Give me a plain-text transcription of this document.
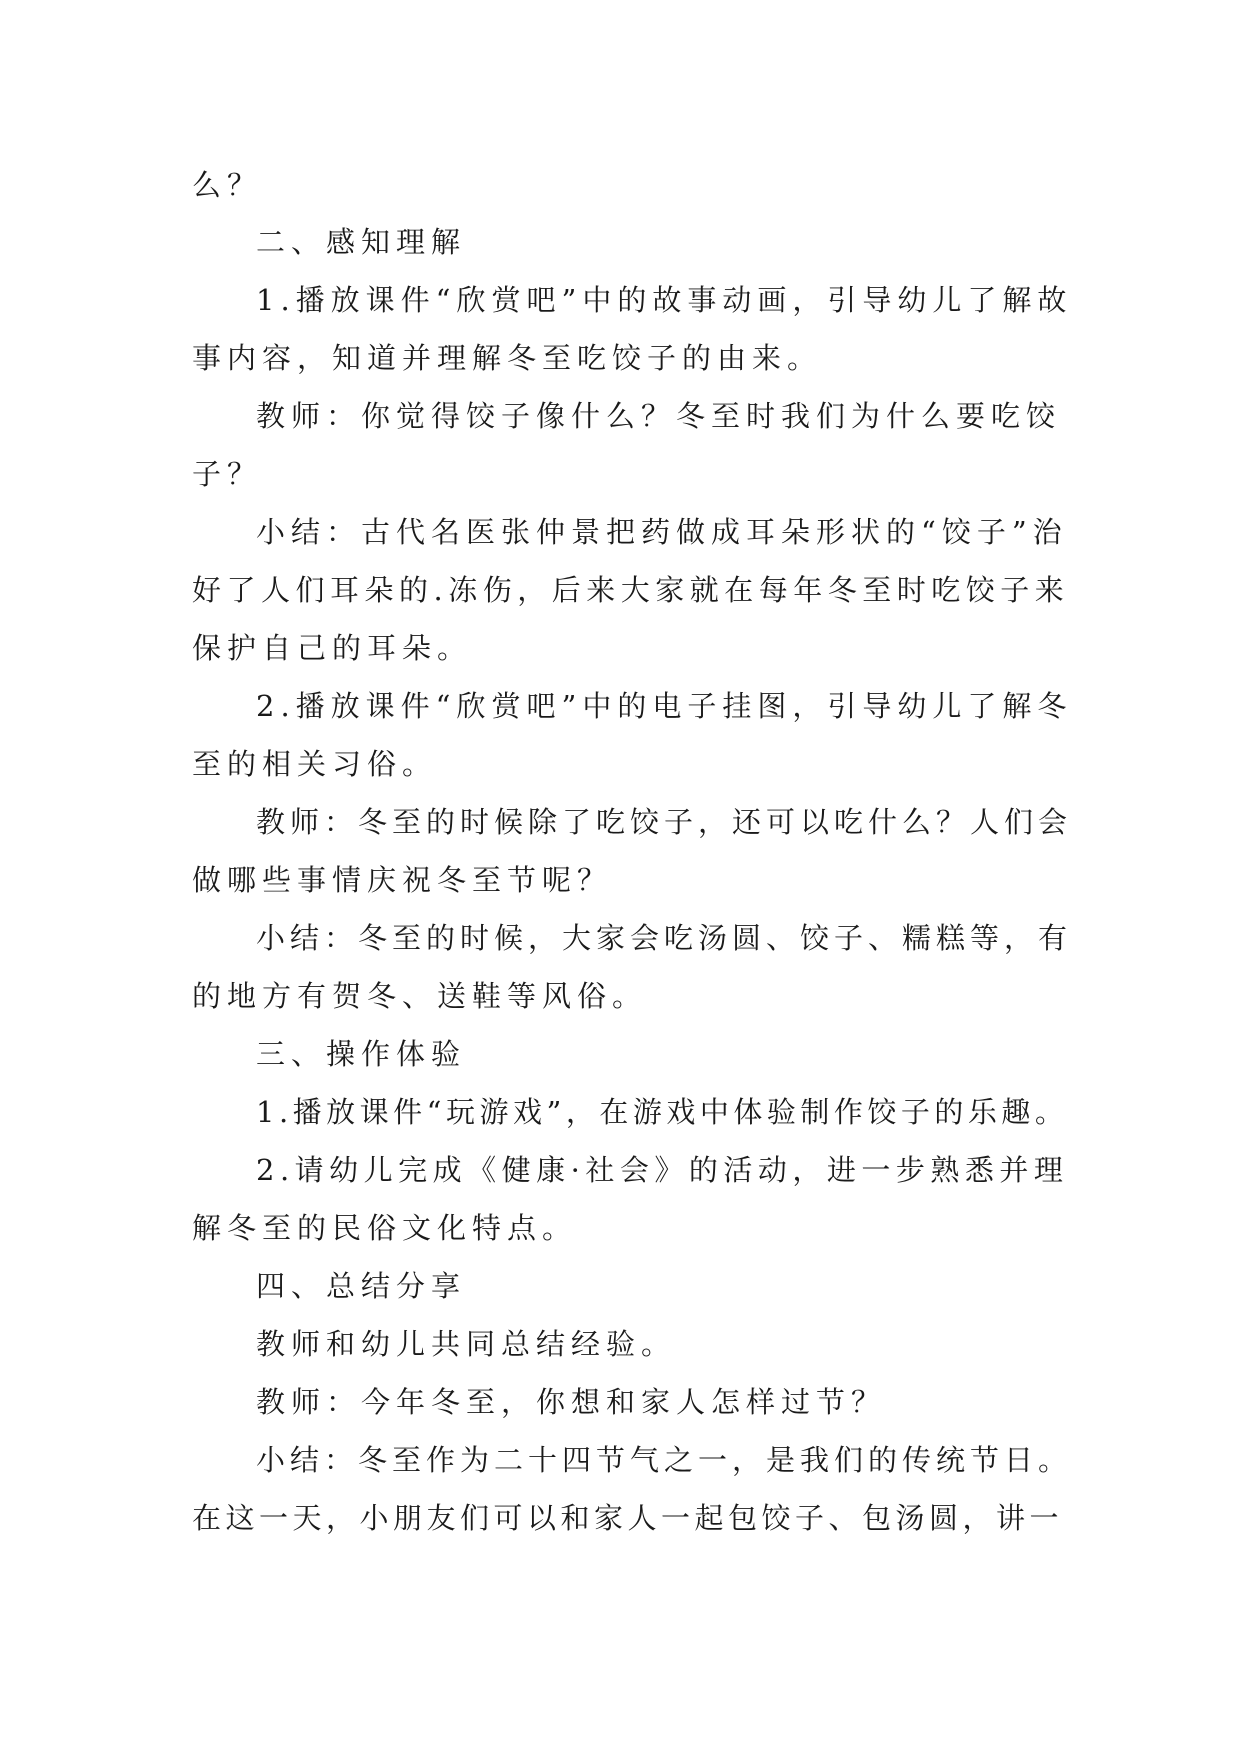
么？
二、感知理解
1.播放课件“欣赏吧”中的故事动画，引导幼儿了解故
事内容，知道并理解冬至吃饺子的由来。
教师：你觉得饺子像什么？冬至时我们为什么要吃饺
子？
小结：古代名医张仲景把药做成耳朵形状的“饺子”治
好了人们耳朵的.冻伤，后来大家就在每年冬至时吃饺子来
保护自己的耳朵。
2.播放课件“欣赏吧”中的电子挂图，引导幼儿了解冬
至的相关习俗。
教师：冬至的时候除了吃饺子，还可以吃什么？人们会
做哪些事情庆祝冬至节呢？
小结：冬至的时候，大家会吃汤圆、饺子、糯糕等，有
的地方有贺冬、送鞋等风俗。
三、操作体验
1.播放课件“玩游戏”，在游戏中体验制作饺子的乐趣。
2.请幼儿完成《健康·社会》的活动，进一步熟悉并理
解冬至的民俗文化特点。
四、总结分享
教师和幼儿共同总结经验。
教师：今年冬至，你想和家人怎样过节？
小结：冬至作为二十四节气之一，是我们的传统节日。
在这一天，小朋友们可以和家人一起包饺子、包汤圆，讲一
